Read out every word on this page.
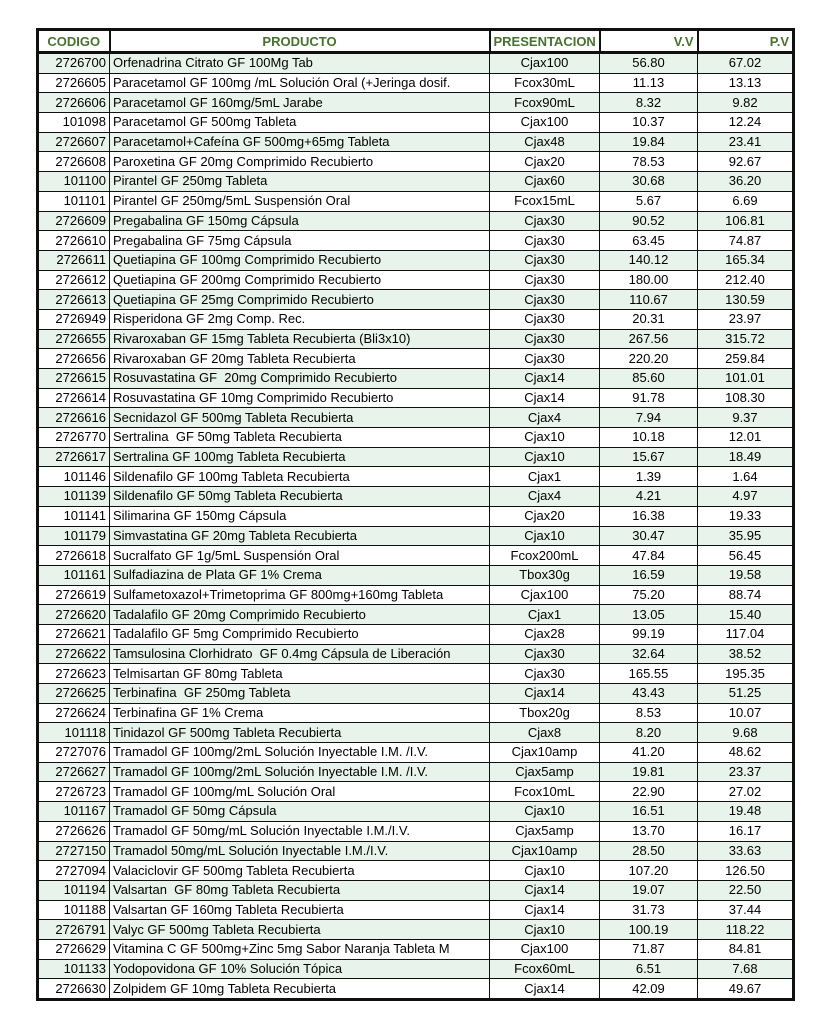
CODIGO	PRODUCTO	PRESENTACION	V.V	P.V
2726700	Orfenadrina Citrato GF 100Mg Tab	Cjax100	56.80	67.02
2726605	Paracetamol GF 100mg /mL Solución Oral (+Jeringa dosif.	Fcox30mL	11.13	13.13
2726606	Paracetamol GF 160mg/5mL Jarabe	Fcox90mL	8.32	9.82
101098	Paracetamol GF 500mg Tableta	Cjax100	10.37	12.24
2726607	Paracetamol+Cafeína GF 500mg+65mg Tableta	Cjax48	19.84	23.41
2726608	Paroxetina GF 20mg Comprimido Recubierto	Cjax20	78.53	92.67
101100	Pirantel GF 250mg Tableta	Cjax60	30.68	36.20
101101	Pirantel GF 250mg/5mL Suspensión Oral	Fcox15mL	5.67	6.69
2726609	Pregabalina GF 150mg Cápsula	Cjax30	90.52	106.81
2726610	Pregabalina GF 75mg Cápsula	Cjax30	63.45	74.87
2726611	Quetiapina GF 100mg Comprimido Recubierto	Cjax30	140.12	165.34
2726612	Quetiapina GF 200mg Comprimido Recubierto	Cjax30	180.00	212.40
2726613	Quetiapina GF 25mg Comprimido Recubierto	Cjax30	110.67	130.59
2726949	Risperidona GF 2mg Comp. Rec.	Cjax30	20.31	23.97
2726655	Rivaroxaban GF 15mg Tableta Recubierta (Bli3x10)	Cjax30	267.56	315.72
2726656	Rivaroxaban GF 20mg Tableta Recubierta	Cjax30	220.20	259.84
2726615	Rosuvastatina GF  20mg Comprimido Recubierto	Cjax14	85.60	101.01
2726614	Rosuvastatina GF 10mg Comprimido Recubierto	Cjax14	91.78	108.30
2726616	Secnidazol GF 500mg Tableta Recubierta	Cjax4	7.94	9.37
2726770	Sertralina  GF 50mg Tableta Recubierta	Cjax10	10.18	12.01
2726617	Sertralina GF 100mg Tableta Recubierta	Cjax10	15.67	18.49
101146	Sildenafilo GF 100mg Tableta Recubierta	Cjax1	1.39	1.64
101139	Sildenafilo GF 50mg Tableta Recubierta	Cjax4	4.21	4.97
101141	Silimarina GF 150mg Cápsula	Cjax20	16.38	19.33
101179	Simvastatina GF 20mg Tableta Recubierta	Cjax10	30.47	35.95
2726618	Sucralfato GF 1g/5mL Suspensión Oral	Fcox200mL	47.84	56.45
101161	Sulfadiazina de Plata GF 1% Crema	Tbox30g	16.59	19.58
2726619	Sulfametoxazol+Trimetoprima GF 800mg+160mg Tableta	Cjax100	75.20	88.74
2726620	Tadalafilo GF 20mg Comprimido Recubierto	Cjax1	13.05	15.40
2726621	Tadalafilo GF 5mg Comprimido Recubierto	Cjax28	99.19	117.04
2726622	Tamsulosina Clorhidrato  GF 0.4mg Cápsula de Liberación	Cjax30	32.64	38.52
2726623	Telmisartan GF 80mg Tableta	Cjax30	165.55	195.35
2726625	Terbinafina  GF 250mg Tableta	Cjax14	43.43	51.25
2726624	Terbinafina GF 1% Crema	Tbox20g	8.53	10.07
101118	Tinidazol GF 500mg Tableta Recubierta	Cjax8	8.20	9.68
2727076	Tramadol GF 100mg/2mL Solución Inyectable I.M. /I.V.	Cjax10amp	41.20	48.62
2726627	Tramadol GF 100mg/2mL Solución Inyectable I.M. /I.V.	Cjax5amp	19.81	23.37
2726723	Tramadol GF 100mg/mL Solución Oral	Fcox10mL	22.90	27.02
101167	Tramadol GF 50mg Cápsula	Cjax10	16.51	19.48
2726626	Tramadol GF 50mg/mL Solución Inyectable I.M./I.V.	Cjax5amp	13.70	16.17
2727150	Tramadol 50mg/mL Solución Inyectable I.M./I.V.	Cjax10amp	28.50	33.63
2727094	Valaciclovir GF 500mg Tableta Recubierta	Cjax10	107.20	126.50
101194	Valsartan  GF 80mg Tableta Recubierta	Cjax14	19.07	22.50
101188	Valsartan GF 160mg Tableta Recubierta	Cjax14	31.73	37.44
2726791	Valyc GF 500mg Tableta Recubierta	Cjax10	100.19	118.22
2726629	Vitamina C GF 500mg+Zinc 5mg Sabor Naranja Tableta M	Cjax100	71.87	84.81
101133	Yodopovidona GF 10% Solución Tópica	Fcox60mL	6.51	7.68
2726630	Zolpidem GF 10mg Tableta Recubierta	Cjax14	42.09	49.67
